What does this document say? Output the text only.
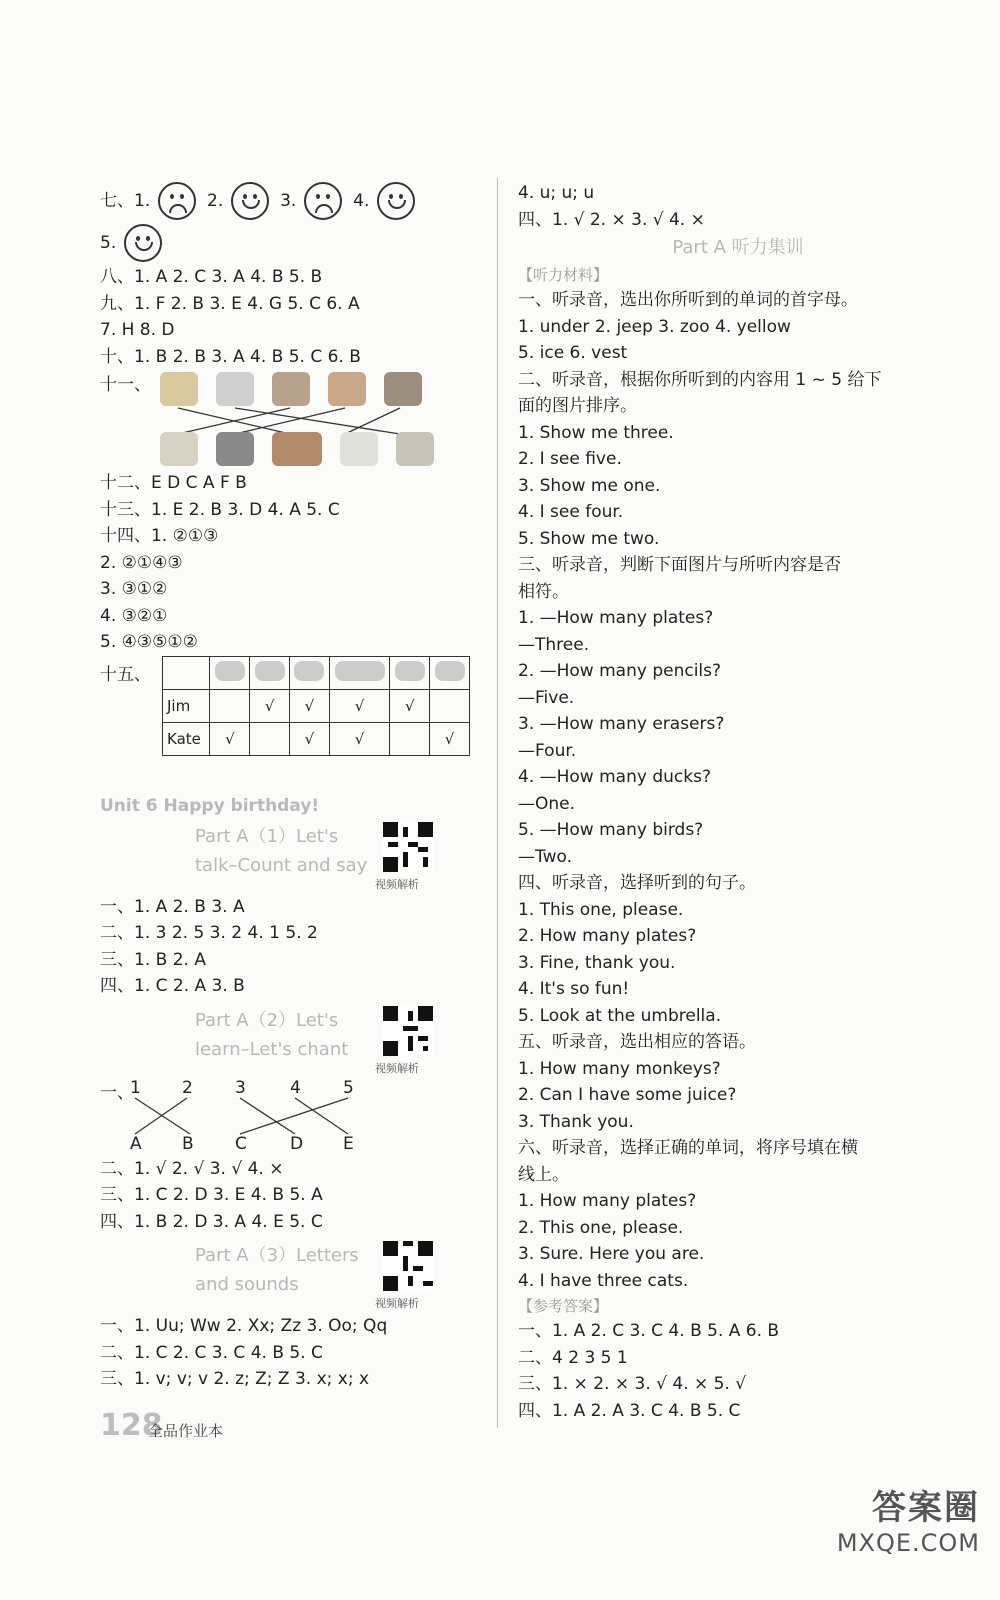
七、1.	2.	3.	4.
5.
八、1. A 2. C 3. A 4. B 5. B
九、1. F 2. B 3. E 4. G 5. C 6. A
7. H 8. D
十、1. B 2. B 3. A 4. B 5. C 6. B
十一、
十二、E D C A F B
十三、1. E 2. B 3. D 4. A 5. C
十四、1. ②①③
2. ②①④③
3. ③①②
4. ③②①
5. ④③⑤①②
十五、

Jim		√	√	√	√	
Kate	√		√	√		√
Unit 6 Happy birthday!
Part A（1）Let's
talk–Count and say
视频解析
一、1. A 2. B 3. A
二、1. 3 2. 5 3. 2 4. 1 5. 2
三、1. B 2. A
四、1. C 2. A 3. B
Part A（2）Let's
learn–Let's chant
视频解析
一、
1 2 3	4 5
A B C	D E
二、1. √ 2. √ 3. √ 4. ×
三、1. C 2. D 3. E 4. B 5. A
四、1. B 2. D 3. A 4. E 5. C
Part A（3）Letters
and sounds
视频解析
一、1. Uu; Ww 2. Xx; Zz 3. Oo; Qq
二、1. C 2. C 3. C 4. B 5. C
三、1. v; v; v 2. z; Z; Z 3. x; x; x
4. u; u; u
四、1. √ 2. × 3. √ 4. ×
Part A 听力集训
【听力材料】
一、听录音，选出你所听到的单词的首字母。
1. under 2. jeep 3. zoo 4. yellow
5. ice 6. vest
二、听录音，根据你所听到的内容用 1 ~ 5 给下
面的图片排序。
1. Show me three.
2. I see five.
3. Show me one.
4. I see four.
5. Show me two.
三、听录音，判断下面图片与所听内容是否
相符。
1. —How many plates?
—Three.
2. —How many pencils?
—Five.
3. —How many erasers?
—Four.
4. —How many ducks?
—One.
5. —How many birds?
—Two.
四、听录音，选择听到的句子。
1. This one, please.
2. How many plates?
3. Fine, thank you.
4. It's so fun!
5. Look at the umbrella.
五、听录音，选出相应的答语。
1. How many monkeys?
2. Can I have some juice?
3. Thank you.
六、听录音，选择正确的单词，将序号填在横
线上。
1. How many plates?
2. This one, please.
3. Sure. Here you are.
4. I have three cats.
【参考答案】
一、1. A 2. C 3. C 4. B 5. A 6. B
二、4 2 3 5 1
三、1. × 2. × 3. √ 4. × 5. √
四、1. A 2. A 3. C 4. B 5. C
128
全品作业本
答案圈
MXQE.COM
